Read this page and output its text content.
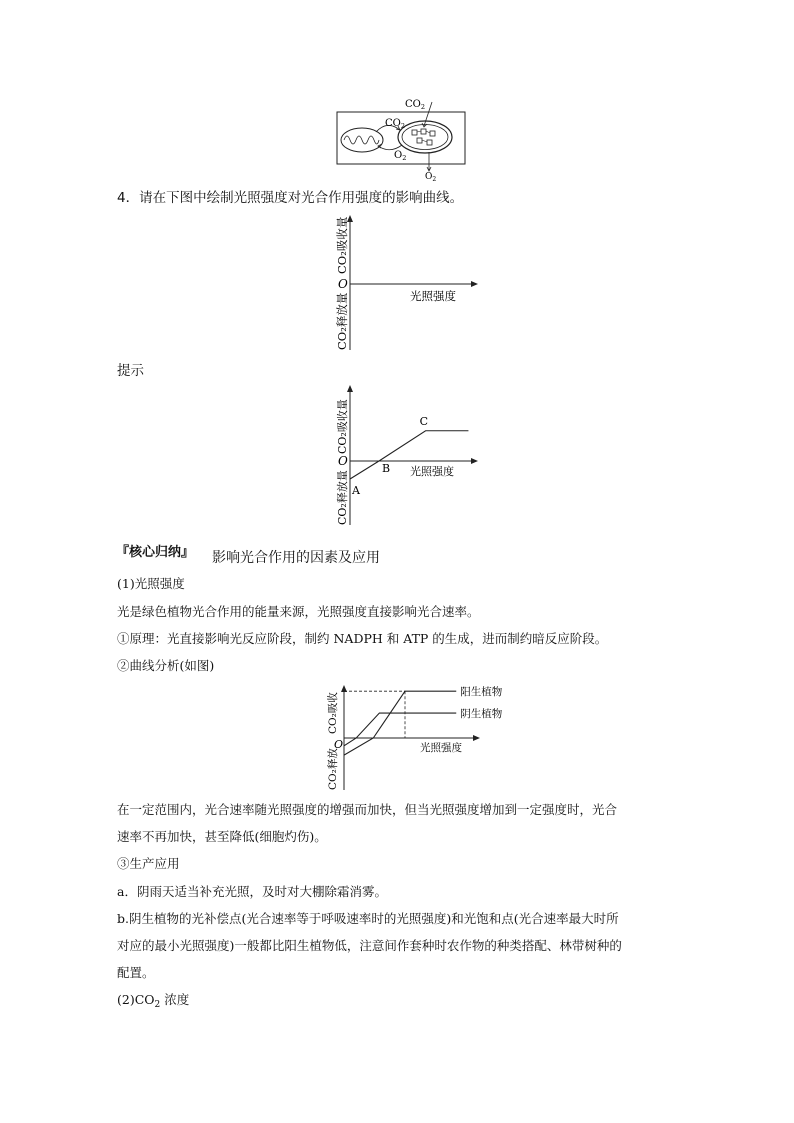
$CO_2$
$CO_2$
$O_2$
$O_2$
4．请在下图中绘制光照强度对光合作用强度的影响曲线。
O
光照强度
CO₂吸收量
CO₂释放量
提示
O
光照强度
CO₂吸收量
CO₂释放量 A
B
C
『核心归纳』 影响光合作用的因素及应用
(1)光照强度
光是绿色植物光合作用的能量来源，光照强度直接影响光合速率。
①原理：光直接影响光反应阶段，制约 NADPH 和 ATP 的生成，进而制约暗反应阶段。
②曲线分析(如图)
O	光照强度
CO₂吸收
CO₂释放
阳生植物
阴生植物
在一定范围内，光合速率随光照强度的增强而加快，但当光照强度增加到一定强度时，光合
速率不再加快，甚至降低(细胞灼伤)。
③生产应用
a．阴雨天适当补充光照，及时对大棚除霜消雾。
b.阴生植物的光补偿点(光合速率等于呼吸速率时的光照强度)和光饱和点(光合速率最大时所
对应的最小光照强度)一般都比阳生植物低，注意间作套种时农作物的种类搭配、林带树种的
配置。
$(2)CO_2$ 浓度
